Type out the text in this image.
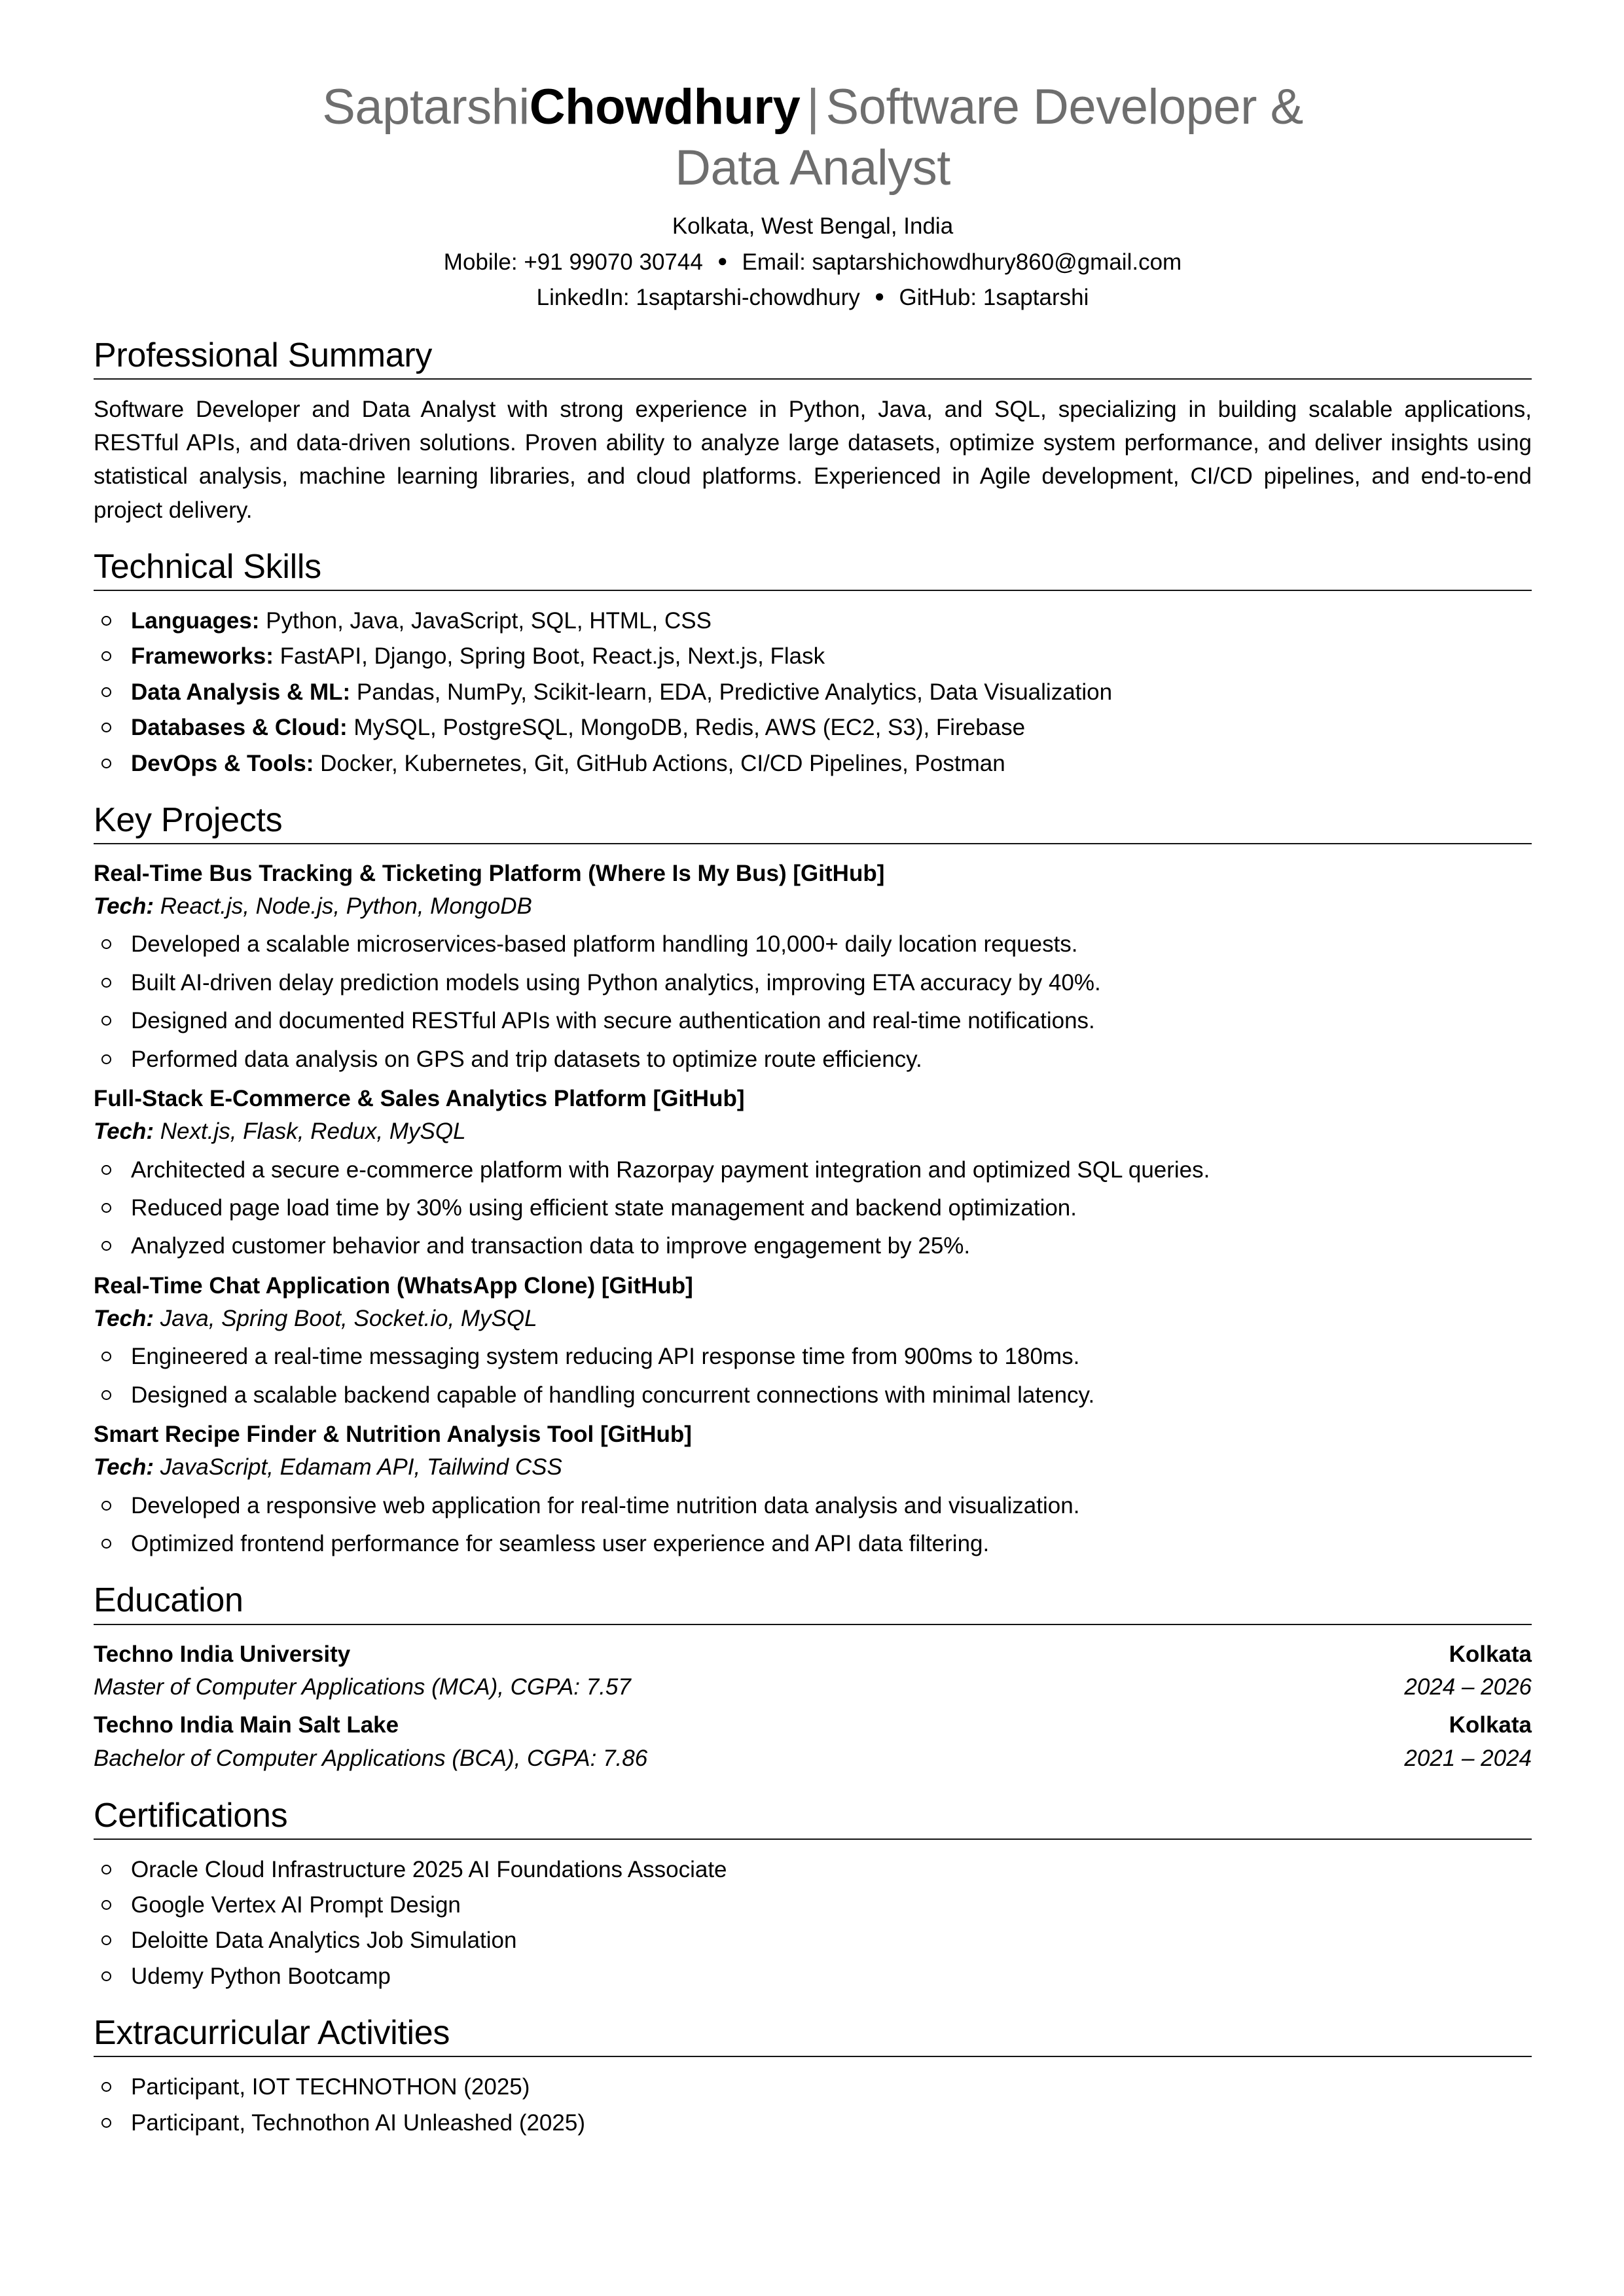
SaptarshiChowdhury | Software Developer & Data Analyst
Kolkata, West Bengal, India
Mobile: +91 99070 30744 ● Email: saptarshichowdhury860@gmail.com
LinkedIn: 1saptarshi-chowdhury ● GitHub: 1saptarshi
Professional Summary
Software Developer and Data Analyst with strong experience in Python, Java, and SQL, specializing in building scalable applications, RESTful APIs, and data-driven solutions. Proven ability to analyze large datasets, optimize system performance, and deliver insights using statistical analysis, machine learning libraries, and cloud platforms. Experienced in Agile development, CI/CD pipelines, and end-to-end project delivery.
Technical Skills
Languages: Python, Java, JavaScript, SQL, HTML, CSS
Frameworks: FastAPI, Django, Spring Boot, React.js, Next.js, Flask
Data Analysis & ML: Pandas, NumPy, Scikit-learn, EDA, Predictive Analytics, Data Visualization
Databases & Cloud: MySQL, PostgreSQL, MongoDB, Redis, AWS (EC2, S3), Firebase
DevOps & Tools: Docker, Kubernetes, Git, GitHub Actions, CI/CD Pipelines, Postman
Key Projects
Real-Time Bus Tracking & Ticketing Platform (Where Is My Bus) [GitHub]
Tech: React.js, Node.js, Python, MongoDB
Developed a scalable microservices-based platform handling 10,000+ daily location requests.
Built AI-driven delay prediction models using Python analytics, improving ETA accuracy by 40%.
Designed and documented RESTful APIs with secure authentication and real-time notifications.
Performed data analysis on GPS and trip datasets to optimize route efficiency.
Full-Stack E-Commerce & Sales Analytics Platform [GitHub]
Tech: Next.js, Flask, Redux, MySQL
Architected a secure e-commerce platform with Razorpay payment integration and optimized SQL queries.
Reduced page load time by 30% using efficient state management and backend optimization.
Analyzed customer behavior and transaction data to improve engagement by 25%.
Real-Time Chat Application (WhatsApp Clone) [GitHub]
Tech: Java, Spring Boot, Socket.io, MySQL
Engineered a real-time messaging system reducing API response time from 900ms to 180ms.
Designed a scalable backend capable of handling concurrent connections with minimal latency.
Smart Recipe Finder & Nutrition Analysis Tool [GitHub]
Tech: JavaScript, Edamam API, Tailwind CSS
Developed a responsive web application for real-time nutrition data analysis and visualization.
Optimized frontend performance for seamless user experience and API data filtering.
Education
Techno India University	Kolkata
Master of Computer Applications (MCA), CGPA: 7.57	2024 – 2026
Techno India Main Salt Lake	Kolkata
Bachelor of Computer Applications (BCA), CGPA: 7.86	2021 – 2024
Certifications
Oracle Cloud Infrastructure 2025 AI Foundations Associate
Google Vertex AI Prompt Design
Deloitte Data Analytics Job Simulation
Udemy Python Bootcamp
Extracurricular Activities
Participant, IOT TECHNOTHON (2025)
Participant, Technothon AI Unleashed (2025)
